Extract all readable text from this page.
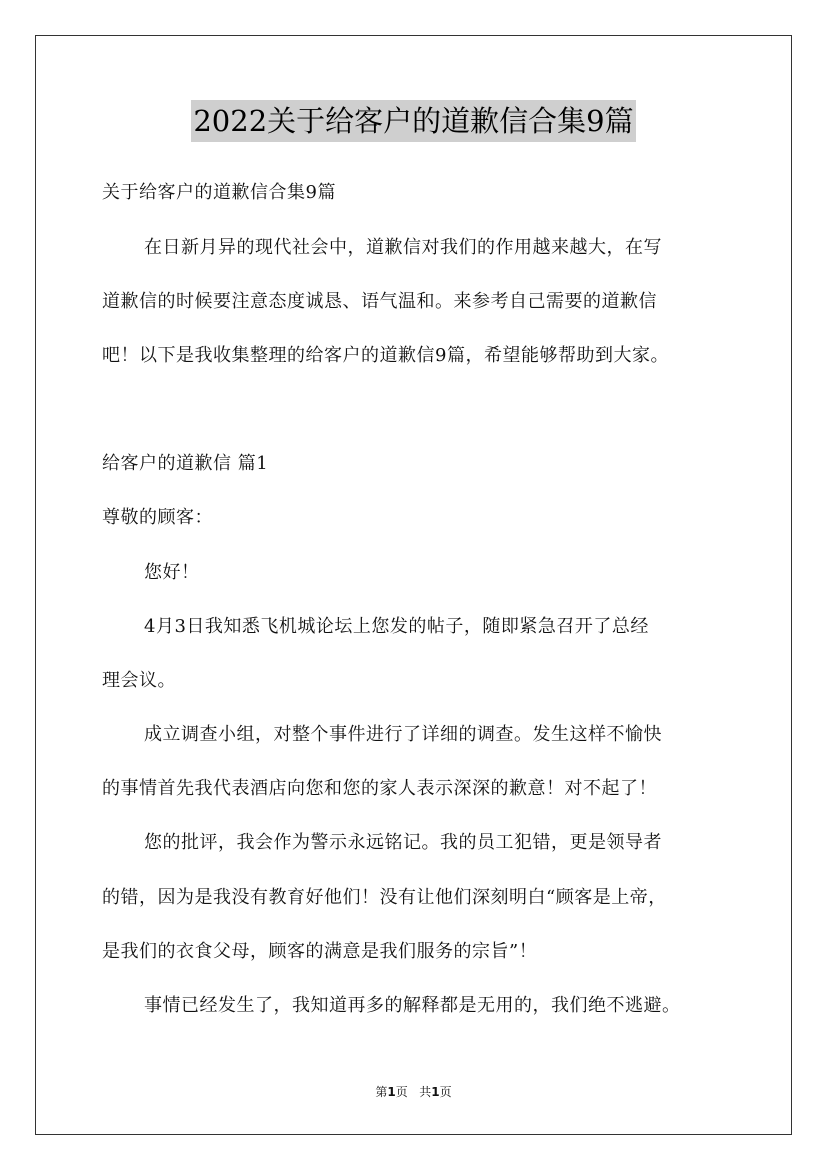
2022关于给客户的道歉信合集9篇
关于给客户的道歉信合集9篇
在日新月异的现代社会中，道歉信对我们的作用越来越大，在写
道歉信的时候要注意态度诚恳、语气温和。来参考自己需要的道歉信
吧！以下是我收集整理的给客户的道歉信9篇，希望能够帮助到大家。
给客户的道歉信 篇1
尊敬的顾客：
您好！
4月3日我知悉飞机城论坛上您发的帖子，随即紧急召开了总经
理会议。
成立调查小组，对整个事件进行了详细的调查。发生这样不愉快
的事情首先我代表酒店向您和您的家人表示深深的歉意！对不起了！
您的批评，我会作为警示永远铭记。我的员工犯错，更是领导者
的错，因为是我没有教育好他们！没有让他们深刻明白“顾客是上帝，
是我们的衣食父母，顾客的满意是我们服务的宗旨”！
事情已经发生了，我知道再多的解释都是无用的，我们绝不逃避。
第1页 共1页
